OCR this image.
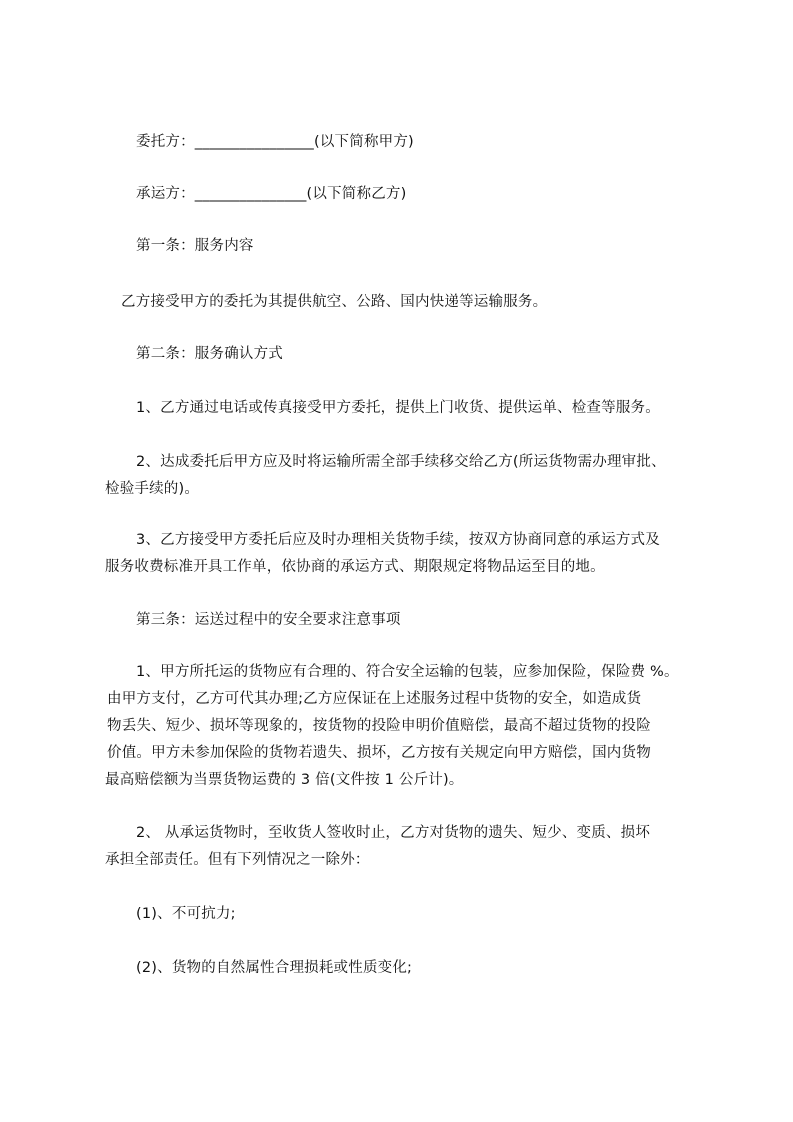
委托方：________________(以下简称甲方)
承运方：_______________(以下简称乙方)
第一条：服务内容
乙方接受甲方的委托为其提供航空、公路、国内快递等运输服务。
第二条：服务确认方式
1、乙方通过电话或传真接受甲方委托，提供上门收货、提供运单、检查等服务。
2、达成委托后甲方应及时将运输所需全部手续移交给乙方(所运货物需办理审批、
检验手续的)。
3、乙方接受甲方委托后应及时办理相关货物手续，按双方协商同意的承运方式及
服务收费标准开具工作单，依协商的承运方式、期限规定将物品运至目的地。
第三条：运送过程中的安全要求注意事项
1、甲方所托运的货物应有合理的、符合安全运输的包装，应参加保险，保险费 %。
由甲方支付，乙方可代其办理;乙方应保证在上述服务过程中货物的安全，如造成货
物丢失、短少、损坏等现象的，按货物的投险申明价值赔偿，最高不超过货物的投险
价值。甲方未参加保险的货物若遗失、损坏，乙方按有关规定向甲方赔偿，国内货物
最高赔偿额为当票货物运费的 3 倍(文件按 1 公斤计)。
2、 从承运货物时，至收货人签收时止，乙方对货物的遗失、短少、变质、损坏
承担全部责任。但有下列情况之一除外：
(1)、不可抗力;
(2)、货物的自然属性合理损耗或性质变化;
